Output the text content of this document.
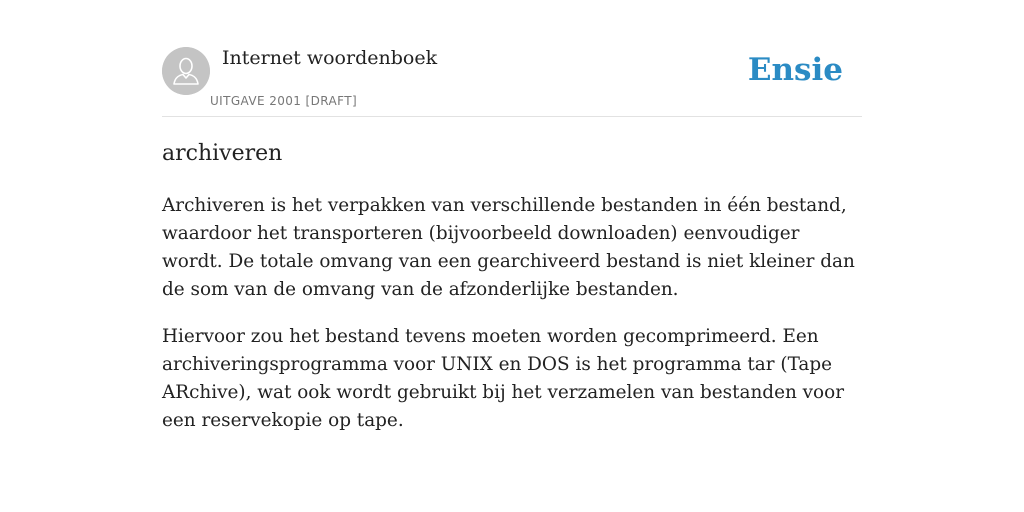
Internet woordenboek
UITGAVE 2001 [DRAFT]
Ensie
archiveren

Archiveren is het verpakken van verschillende bestanden in één bestand, waardoor het transporteren (bijvoorbeeld downloaden) eenvoudiger wordt. De totale omvang van een gearchiveerd bestand is niet kleiner dan de som van de omvang van de afzonderlijke bestanden.

Hiervoor zou het bestand tevens moeten worden gecomprimeerd. Een archiveringsprogramma voor UNIX en DOS is het programma tar (Tape ARchive), wat ook wordt gebruikt bij het verzamelen van bestanden voor een reservekopie op tape.
